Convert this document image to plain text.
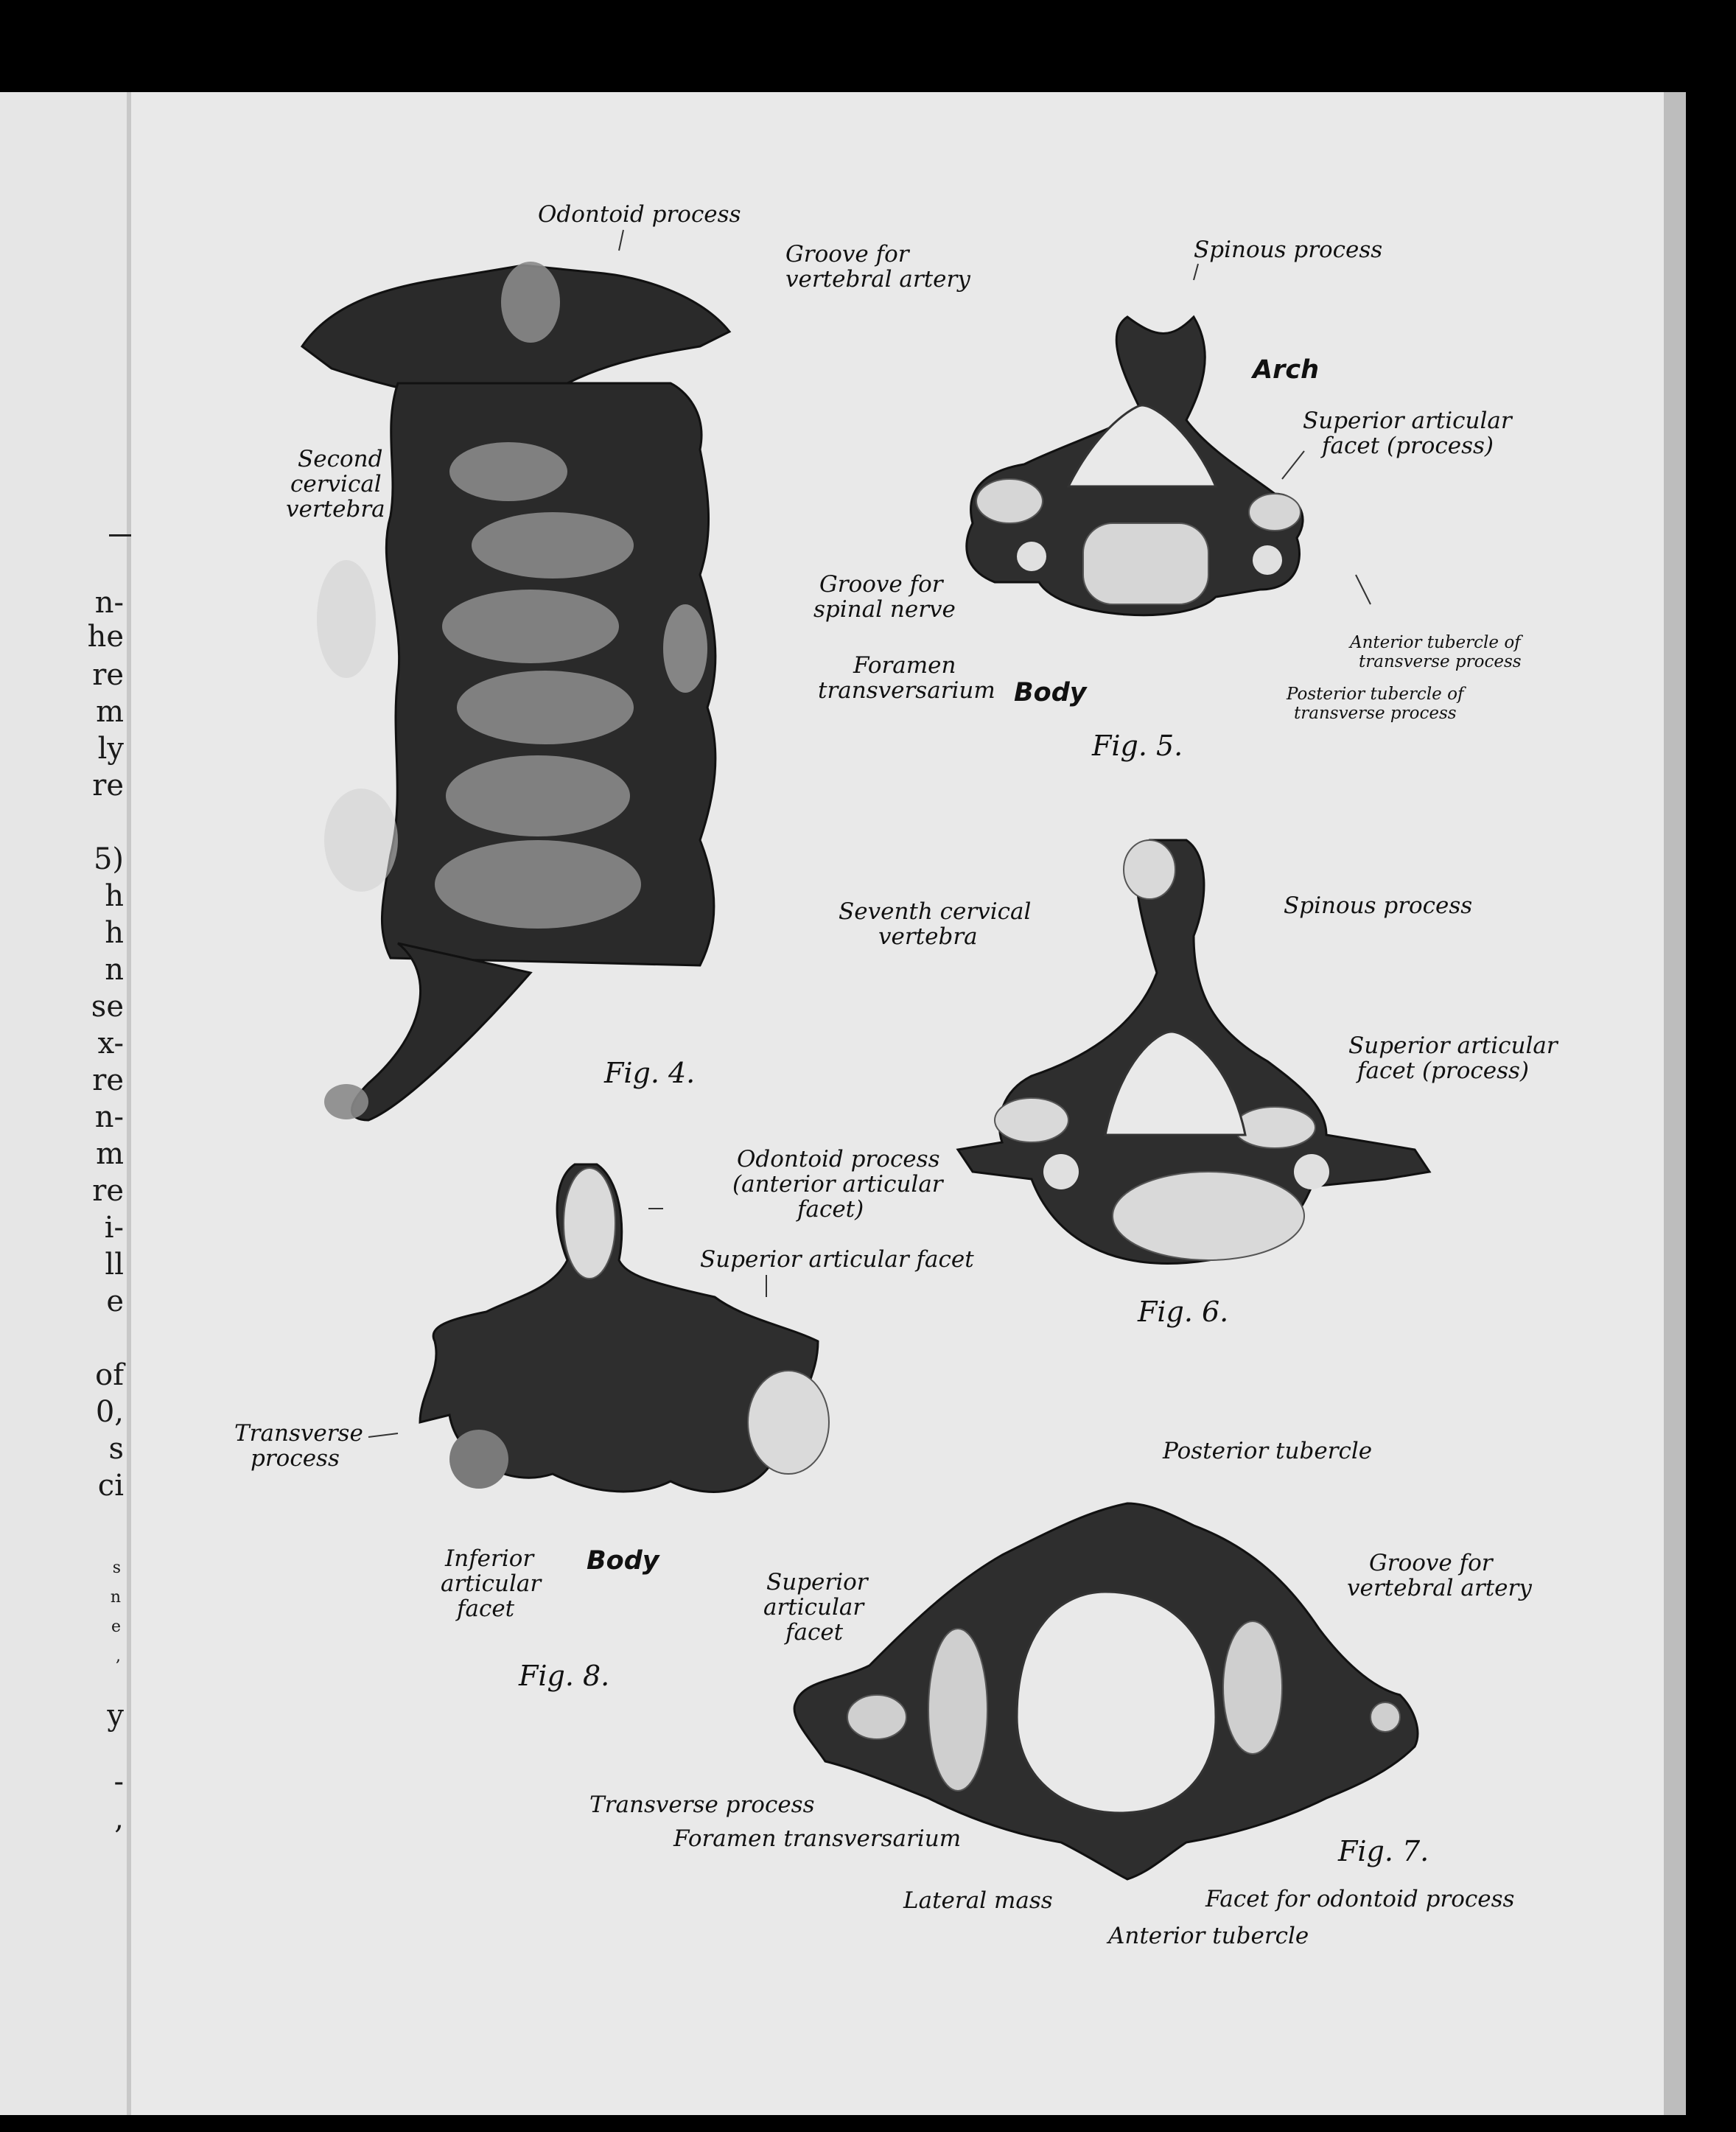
n-
he
re
m
ly
re
5)
h
h
n
se
x-
re
n-
m
re
i-
ll
e
of
0,
s
ci
s
n
e
,
y
-
,
Odontoid process
Groove for
vertebral artery
Second
cervical
vertebra
Seventh cervical
vertebra
Fig. 4.
Spinous process
Arch
Superior articular
facet (process)
Groove for
spinal nerve
Foramen
transversarium Body
Anterior tubercle of
transverse process
Posterior tubercle of
transverse process
Fig. 5.
Spinous process
Superior articular
facet (process)
Fig. 6.
Odontoid process
(anterior articular
facet)
Superior articular facet
Transverse
process
Inferior
articular
facet
Body
Fig. 8.
Posterior tubercle
Groove for
vertebral artery
Superior
articular
facet
Transverse process
Foramen transversarium
Lateral mass	Facet for odontoid process
Anterior tubercle
Fig. 7.
